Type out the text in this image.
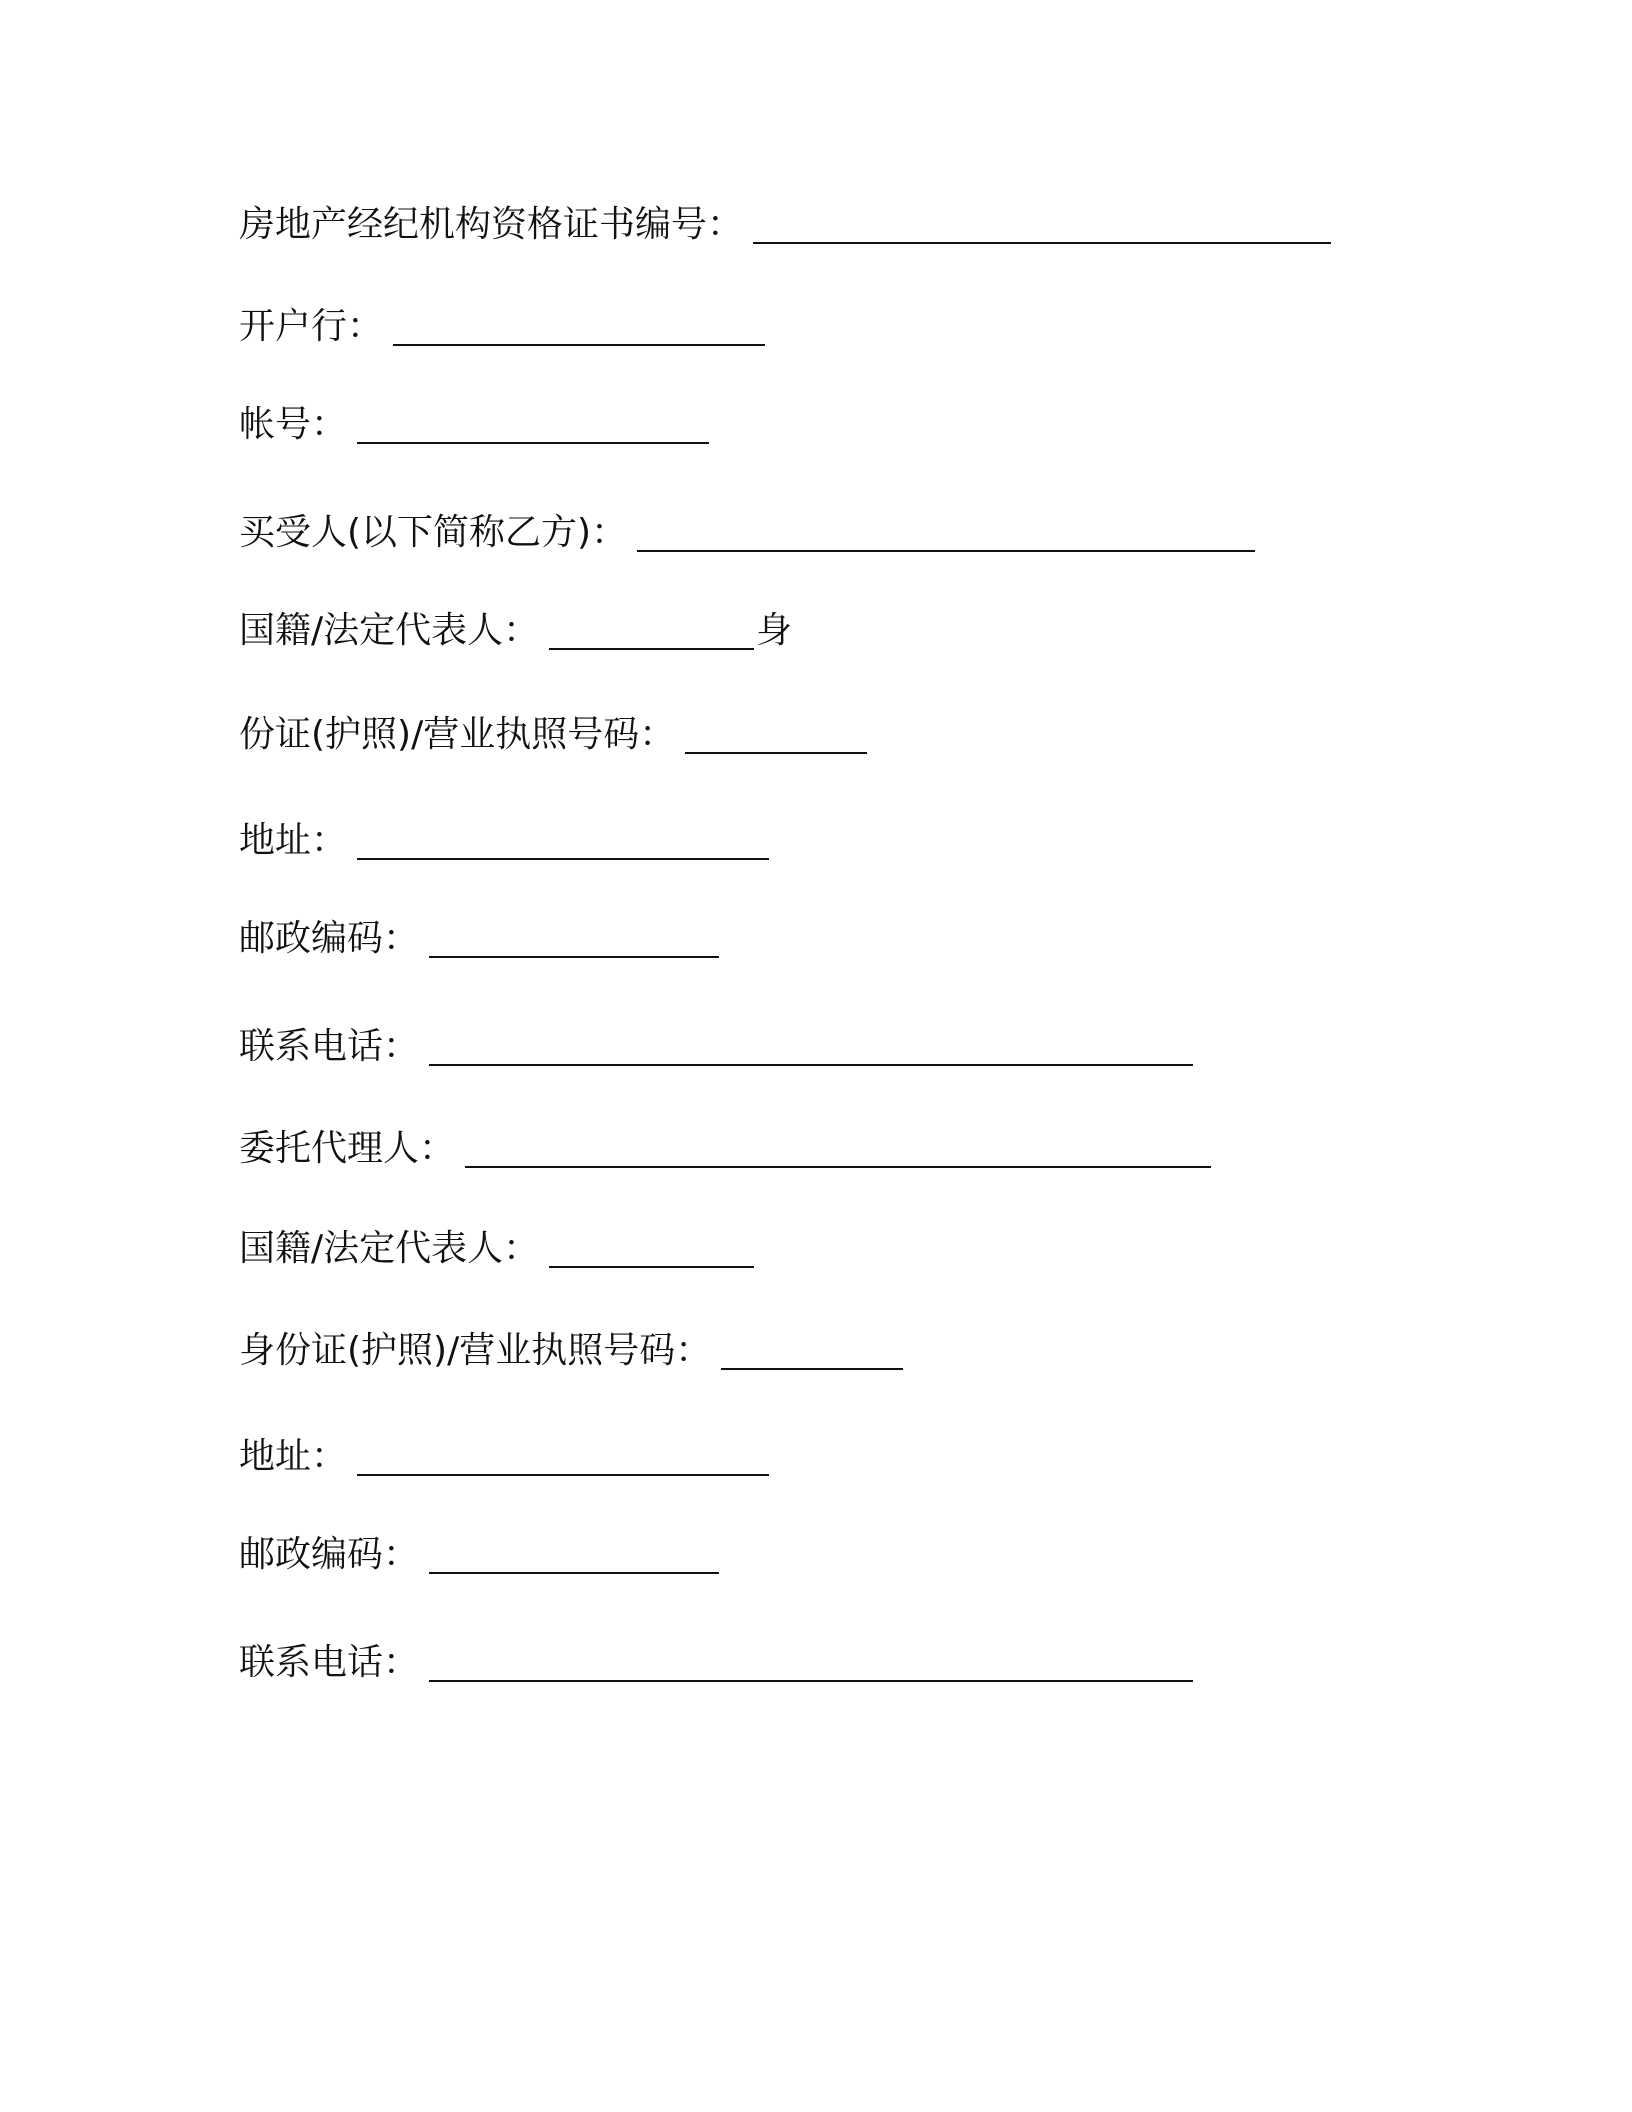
房地产经纪机构资格证书编号：
开户行：
帐号：
买受人(以下简称乙方)：
国籍/法定代表人：	身
份证(护照)/营业执照号码：
地址：
邮政编码：
联系电话：
委托代理人：
国籍/法定代表人：
身份证(护照)/营业执照号码：
地址：
邮政编码：
联系电话：
